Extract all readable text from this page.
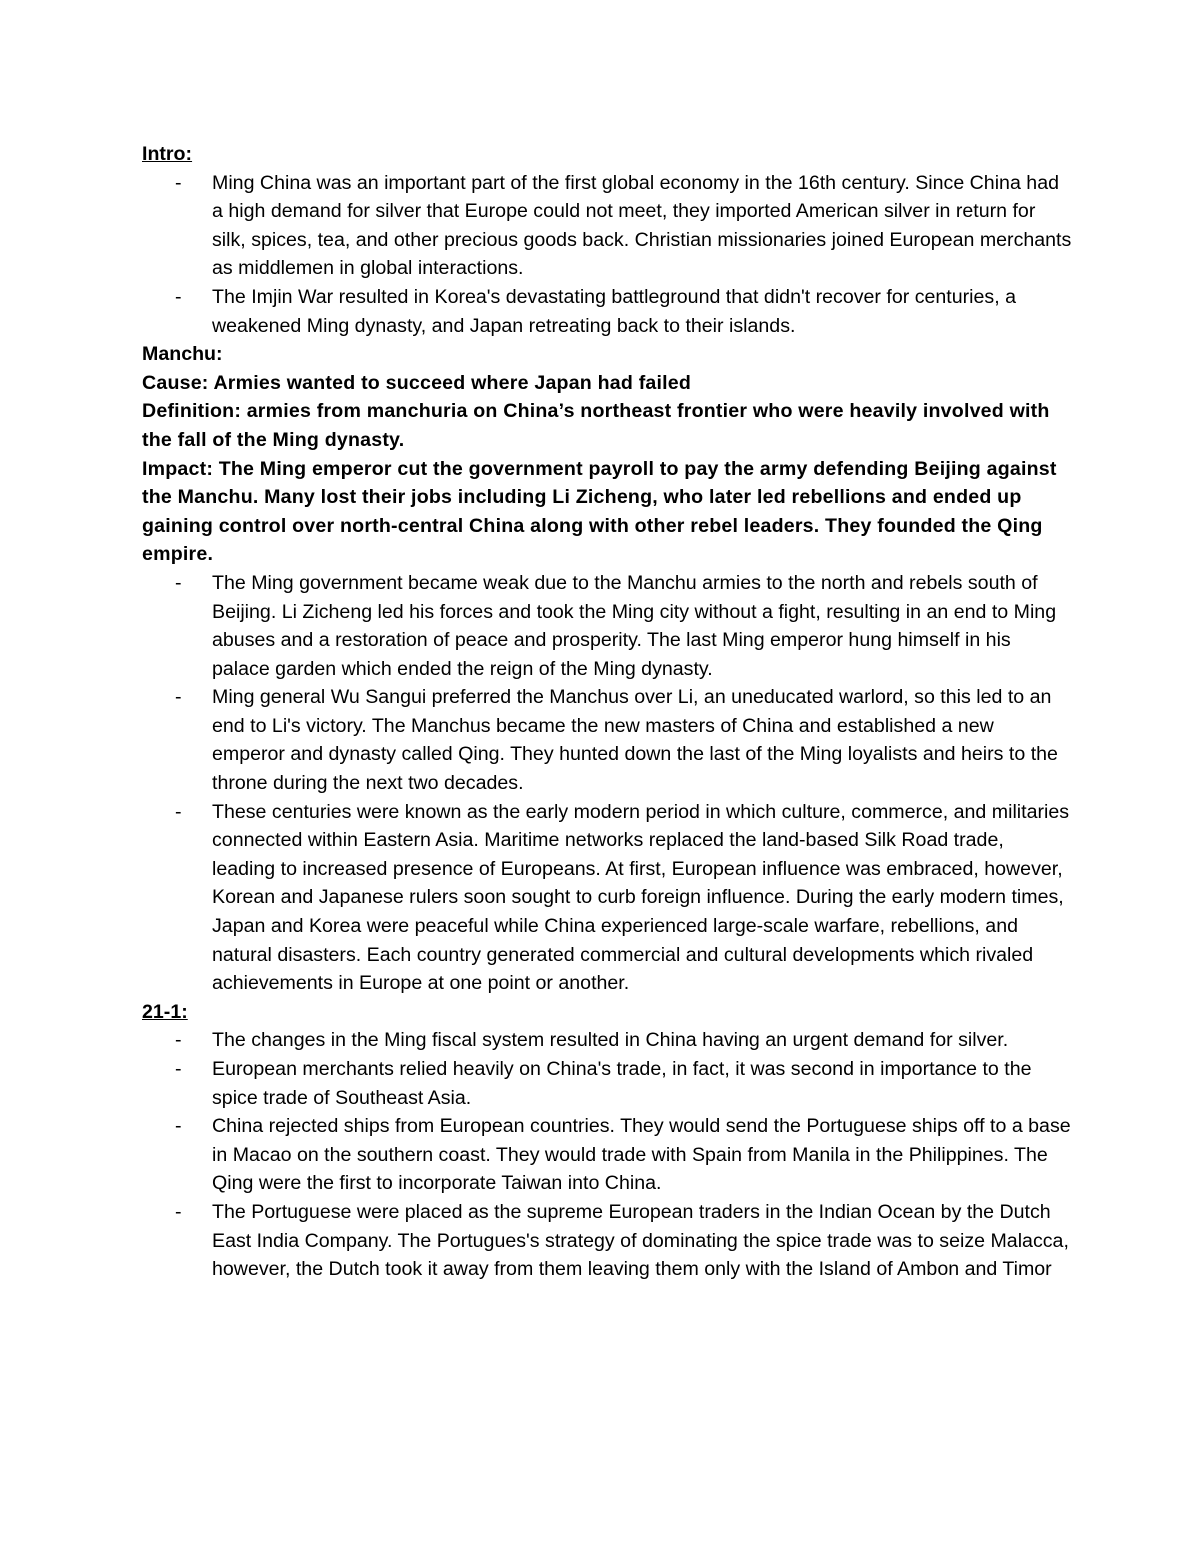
Intro:

- Ming China was an important part of the first global economy in the 16th century. Since China had a high demand for silver that Europe could not meet, they imported American silver in return for silk, spices, tea, and other precious goods back. Christian missionaries joined European merchants as middlemen in global interactions.
- The Imjin War resulted in Korea's devastating battleground that didn't recover for centuries, a weakened Ming dynasty, and Japan retreating back to their islands.

Manchu:

Cause: Armies wanted to succeed where Japan had failed

Definition: armies from manchuria on China’s northeast frontier who were heavily involved with the fall of the Ming dynasty.

Impact: The Ming emperor cut the government payroll to pay the army defending Beijing against the Manchu. Many lost their jobs including Li Zicheng, who later led rebellions and ended up gaining control over north-central China along with other rebel leaders. They founded the Qing empire.

- The Ming government became weak due to the Manchu armies to the north and rebels south of Beijing. Li Zicheng led his forces and took the Ming city without a fight, resulting in an end to Ming abuses and a restoration of peace and prosperity. The last Ming emperor hung himself in his palace garden which ended the reign of the Ming dynasty.
- Ming general Wu Sangui preferred the Manchus over Li, an uneducated warlord, so this led to an end to Li's victory. The Manchus became the new masters of China and established a new emperor and dynasty called Qing. They hunted down the last of the Ming loyalists and heirs to the throne during the next two decades.
- These centuries were known as the early modern period in which culture, commerce, and militaries connected within Eastern Asia. Maritime networks replaced the land-based Silk Road trade, leading to increased presence of Europeans. At first, European influence was embraced, however, Korean and Japanese rulers soon sought to curb foreign influence. During the early modern times, Japan and Korea were peaceful while China experienced large-scale warfare, rebellions, and natural disasters. Each country generated commercial and cultural developments which rivaled achievements in Europe at one point or another.

21-1:

- The changes in the Ming fiscal system resulted in China having an urgent demand for silver.
- European merchants relied heavily on China's trade, in fact, it was second in importance to the spice trade of Southeast Asia.
- China rejected ships from European countries. They would send the Portuguese ships off to a base in Macao on the southern coast. They would trade with Spain from Manila in the Philippines. The Qing were the first to incorporate Taiwan into China.
- The Portuguese were placed as the supreme European traders in the Indian Ocean by the Dutch East India Company. The Portugues's strategy of dominating the spice trade was to seize Malacca, however, the Dutch took it away from them leaving them only with the Island of Ambon and Timor
